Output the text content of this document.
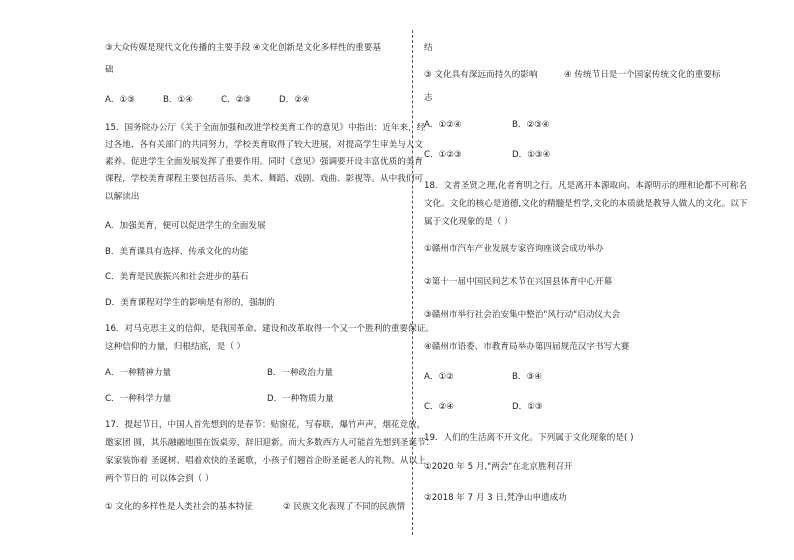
③大众传媒是现代文化传播的主要手段 ④文化创新是文化多样性的重要基
础
A．①③	B．①④	C．②③	D．②④
15．国务院办公厅《关于全面加强和改进学校美育工作的意见》中指出：近年来，经
过各地、各有关部门的共同努力，学校美育取得了较大进展，对提高学生审美与人文
素养、促进学生全面发展发挥了重要作用。同时《意见》强调要开设丰富优质的美育
课程，学校美育课程主要包括音乐、美术、舞蹈、戏剧、戏曲、影视等。从中我们可
以解读出
A．加强美育，便可以促进学生的全面发展
B．美育课具有选择、传承文化的功能
C．美育是民族振兴和社会进步的基石
D．美育课程对学生的影响是有形的，强制的
16．对马克思主义的信仰，是我国革命、建设和改革取得一个又一个胜利的重要保证。
这种信仰的力量，归根结底，是（ ）
A．一种精神力量	B．一种政治力量
C．一种科学力量	D．一种物质力量
17．提起节日，中国人首先想到的是春节：贴窗花，写春联，爆竹声声，烟花竞放，
邀家团 圆，其乐融融地围在饭桌旁，辞旧迎新。而大多数西方人可能首先想到圣诞节：
家家装饰着 圣诞树、唱着欢快的圣诞歌，小孩子们翘首企盼圣诞老人的礼物。从以上
两个节日的 可以体会到（ ）
① 文化的多样性是人类社会的基本特征	② 民族文化表现了不同的民族情
结
③ 文化具有深远而持久的影响	④ 传统节日是一个国家传统文化的重要标
志
A．①②④	B．②③④
C．①②③	D．①③④
18．文者圣贤之理,化者育明之行。凡是离开本源取向、本源明示的理和论都不可称名
文化。文化的核心是道德,文化的精髓是哲学,文化的本质就是教导人做人的文化。以下
属于文化现象的是（ ）
①赣州市汽车产业发展专家咨询座谈会成功举办
②第十一届中国民间艺术节在兴国县体育中心开幕
③赣州市举行社会治安集中整治"风行动"启动仪大会
④赣州市语委、市教育局举办第四届规范汉字书写大赛
A．①②	B．③④
C．②④	D．①③
19．人们的生活离不开文化。下列属于文化现象的是( )
①2020 年 5 月,"两会"在北京胜利召开
②2018 年 7 月 3 日,梵净山申遗成功
